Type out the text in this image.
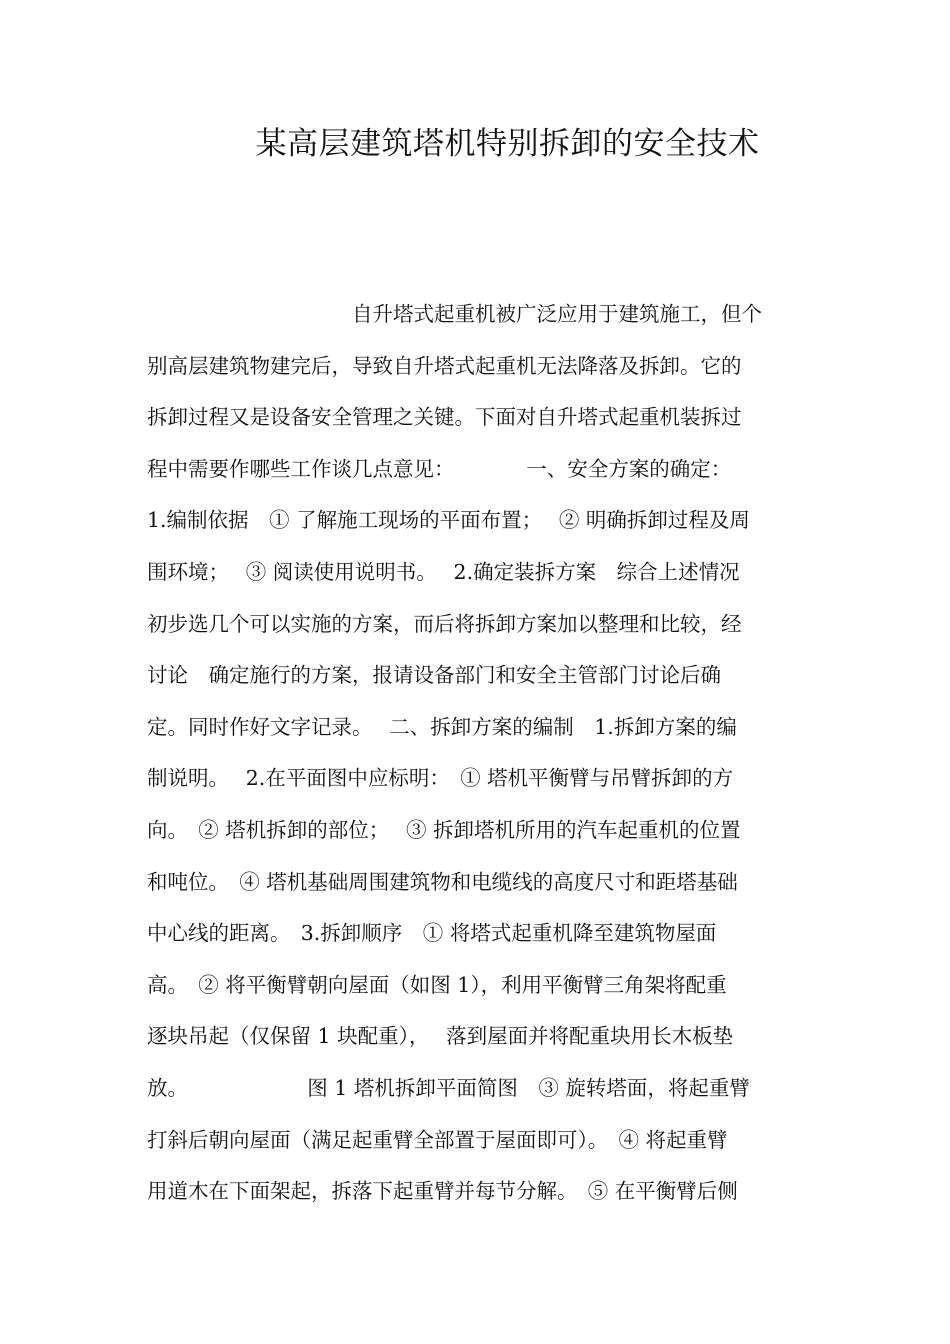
某高层建筑塔机特别拆卸的安全技术
　　　　　　　　　　自升塔式起重机被广泛应用于建筑施工，但个
别高层建筑物建完后，导致自升塔式起重机无法降落及拆卸。它的
拆卸过程又是设备安全管理之关键。下面对自升塔式起重机装拆过
程中需要作哪些工作谈几点意见：　　　　一、安全方案的确定：
1.编制依据　① 了解施工现场的平面布置；　 ② 明确拆卸过程及周
围环境；　 ③ 阅读使用说明书。　 2.确定装拆方案　综合上述情况
初步选几个可以实施的方案，而后将拆卸方案加以整理和比较，经
讨论　确定施行的方案，报请设备部门和安全主管部门讨论后确
定。同时作好文字记录。　 二、拆卸方案的编制　1.拆卸方案的编
制说明。　 2.在平面图中应标明：　① 塔机平衡臂与吊臂拆卸的方
向。　② 塔机拆卸的部位；　 ③ 拆卸塔机所用的汽车起重机的位置
和吨位。　④ 塔机基础周围建筑物和电缆线的高度尺寸和距塔基础
中心线的距离。　3.拆卸顺序　① 将塔式起重机降至建筑物屋面
高。　② 将平衡臂朝向屋面（如图 1），利用平衡臂三角架将配重
逐块吊起（仅保留 1 块配重），　 落到屋面并将配重块用长木板垫
放。　　　　　　 图 1 塔机拆卸平面简图　③ 旋转塔面，将起重臂
打斜后朝向屋面（满足起重臂全部置于屋面即可）。　④ 将起重臂
用道木在下面架起，拆落下起重臂并每节分解。　⑤ 在平衡臂后侧
